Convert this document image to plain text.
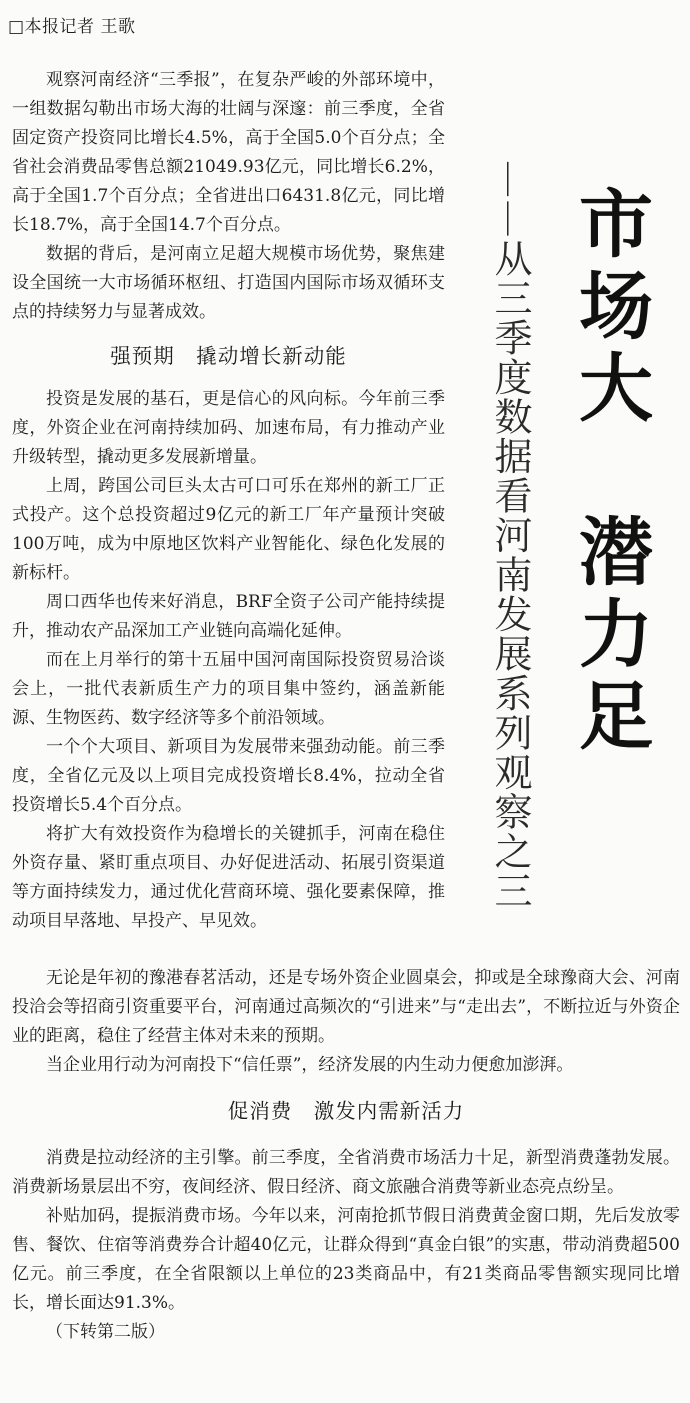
□本报记者 王歌

观察河南经济“三季报”，在复杂严峻的外部环境中，一组数据勾勒出市场大海的壮阔与深邃：前三季度，全省固定资产投资同比增长4.5%，高于全国5.0个百分点；全省社会消费品零售总额21049.93亿元，同比增长6.2%，高于全国1.7个百分点；全省进出口6431.8亿元，同比增长18.7%，高于全国14.7个百分点。

数据的背后，是河南立足超大规模市场优势，聚焦建设全国统一大市场循环枢纽、打造国内国际市场双循环支点的持续努力与显著成效。

强预期　撬动增长新动能

投资是发展的基石，更是信心的风向标。今年前三季度，外资企业在河南持续加码、加速布局，有力推动产业升级转型，撬动更多发展新增量。

上周，跨国公司巨头太古可口可乐在郑州的新工厂正式投产。这个总投资超过9亿元的新工厂年产量预计突破100万吨，成为中原地区饮料产业智能化、绿色化发展的新标杆。

周口西华也传来好消息，BRF全资子公司产能持续提升，推动农产品深加工产业链向高端化延伸。

而在上月举行的第十五届中国河南国际投资贸易洽谈会上，一批代表新质生产力的项目集中签约，涵盖新能源、生物医药、数字经济等多个前沿领域。

一个个大项目、新项目为发展带来强劲动能。前三季度，全省亿元及以上项目完成投资增长8.4%，拉动全省投资增长5.4个百分点。

将扩大有效投资作为稳增长的关键抓手，河南在稳住外资存量、紧盯重点项目、办好促进活动、拓展引资渠道等方面持续发力，通过优化营商环境、强化要素保障，推动项目早落地、早投产、早见效。

——从三季度数据看河南发展系列观察之三 市场大　潜力足

无论是年初的豫港春茗活动，还是专场外资企业圆桌会，抑或是全球豫商大会、河南投洽会等招商引资重要平台，河南通过高频次的“引进来”与“走出去”，不断拉近与外资企业的距离，稳住了经营主体对未来的预期。

当企业用行动为河南投下“信任票”，经济发展的内生动力便愈加澎湃。

促消费　激发内需新活力

消费是拉动经济的主引擎。前三季度，全省消费市场活力十足，新型消费蓬勃发展。消费新场景层出不穷，夜间经济、假日经济、商文旅融合消费等新业态亮点纷呈。

补贴加码，提振消费市场。今年以来，河南抢抓节假日消费黄金窗口期，先后发放零售、餐饮、住宿等消费券合计超40亿元，让群众得到“真金白银”的实惠，带动消费超500亿元。前三季度，在全省限额以上单位的23类商品中，有21类商品零售额实现同比增长，增长面达91.3%。

（下转第二版）
